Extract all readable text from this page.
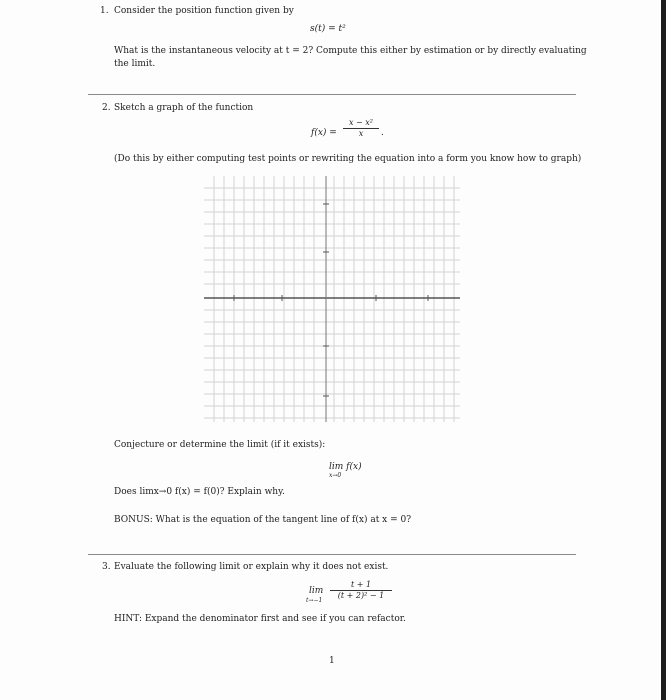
1. Consider the position function given by
s(t) = t²
What is the instantaneous velocity at t = 2? Compute this either by estimation or by directly evaluating
the limit.
2. Sketch a graph of the function
$f(x) = \frac{\text{x − x²}}{x}$ .
(Do this by either computing test points or rewriting the equation into a form you know how to graph)
Conjecture or determine the limit (if it exists):
lim f(x)
x→0
Does limx→0 f(x) = f(0)? Explain why.
BONUS: What is the equation of the tangent line of f(x) at x = 0?
3. Evaluate the following limit or explain why it does not exist.
lim
$t\to-1 \frac{t + 1}{\text{(t + 2)² − 1}}$
HINT: Expand the denominator first and see if you can refactor.
1
